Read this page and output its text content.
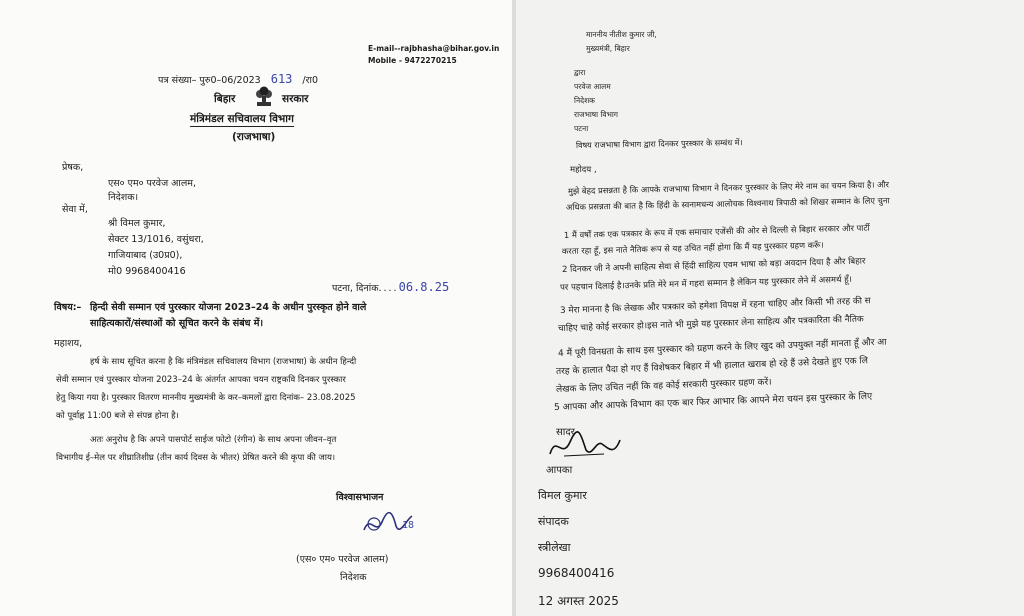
E-mail--rajbhasha@bihar.gov.in
Mobile - 9472270215
पत्र संख्या– पुरु0–06/2023 613 /रा0
बिहार	सरकार
मंत्रिमंडल सचिवालय विभाग
(राजभाषा)
प्रेषक,
एस० एम० परवेज आलम,
निदेशक।
सेवा में,
श्री विमल कुमार,
सेक्टर 13/1016, वसुंधरा,
गाजियाबाद (उ0प्र0),
मो0 9968400416
पटना, दिनांक....06.8.25
विषय:– हिन्दी सेवी सम्मान एवं पुरस्कार योजना 2023–24 के अधीन पुरस्कृत होने वाले
साहित्यकारों/संस्थाओं को सूचित करने के संबंध में।
महाशय,
हर्ष के साथ सूचित करना है कि मंत्रिमंडल सचिवालय विभाग (राजभाषा) के अधीन हिन्दी
सेवी सम्मान एवं पुरस्कार योजना 2023–24 के अंतर्गत आपका चयन राष्ट्रकवि दिनकर पुरस्कार
हेतु किया गया है। पुरस्कार वितरण माननीय मुख्यमंत्री के कर–कमलों द्वारा दिनांक– 23.08.2025
को पूर्वाह्न 11:00 बजे से संपन्न होना है।
अतः अनुरोध है कि अपने पासपोर्ट साईज फोटो (रंगीन) के साथ अपना जीवन–वृत
विभागीय ई–मेल पर शीघ्रातिशीघ्र (तीन कार्य दिवस के भीतर) प्रेषित करने की कृपा की जाय।
विश्वासभाजन
18
(एस० एम० परवेज आलम)
निदेशक
माननीय नीतीश कुमार जी,
मुख्यमंत्री, बिहार
द्वारा
परवेज आलम
निदेशक
राजभाषा विभाग
पटना
विषय राजभाषा विभाग द्वारा दिनकर पुरस्कार के सम्बंध में।
महोदय ,
मुझे बेहद प्रसन्नता है कि आपके राजभाषा विभाग ने दिनकर पुरस्कार के लिए मेरे नाम का चयन किया है। और
अधिक प्रसन्नता की बात है कि हिंदी के स्वनामधन्य आलोचक विश्वनाथ त्रिपाठी को शिखर सम्मान के लिए चुना
1 मैं वर्षों तक एक पत्रकार के रूप में एक समाचार एजेंसी की ओर से दिल्ली से बिहार सरकार और पार्टी
करता रहा हूँ, इस नाते नैतिक रूप से यह उचित नहीं होगा कि मैं यह पुरस्कार ग्रहण करूँ।
2 दिनकर जी ने अपनी साहित्य सेवा से हिंदी साहित्य एवम भाषा को बड़ा अवदान दिया है और बिहार
पर पहचान दिलाई है।उनके प्रति मेरे मन में गहरा सम्मान है लेकिन यह पुरस्कार लेने में असमर्थ हूँ।
3 मेरा मानना है कि लेखक और पत्रकार को हमेशा विपक्ष में रहना चाहिए और किसी भी तरह की स
चाहिए चाहे कोई सरकार हो।इस नाते भी मुझे यह पुरस्कार लेना साहित्य और पत्रकारिता की नैतिक
4 मैं पूरी विनम्रता के साथ इस पुरस्कार को ग्रहण करने के लिए खुद को उपयुक्त नहीं मानता हूँ और आ
तरह के हालात पैदा हो गए हैं विशेषकर बिहार में भी हालात खराब हो रहे हैं उसे देखते हुए एक लि
लेखक के लिए उचित नहीं कि वह कोई सरकारी पुरस्कार ग्रहण करें।
5 आपका और आपके विभाग का एक बार फिर आभार कि आपने मेरा चयन इस पुरस्कार के लिए
सादर
आपका
विमल कुमार
संपादक
स्त्रीलेखा
9968400416
12 अगस्त 2025
